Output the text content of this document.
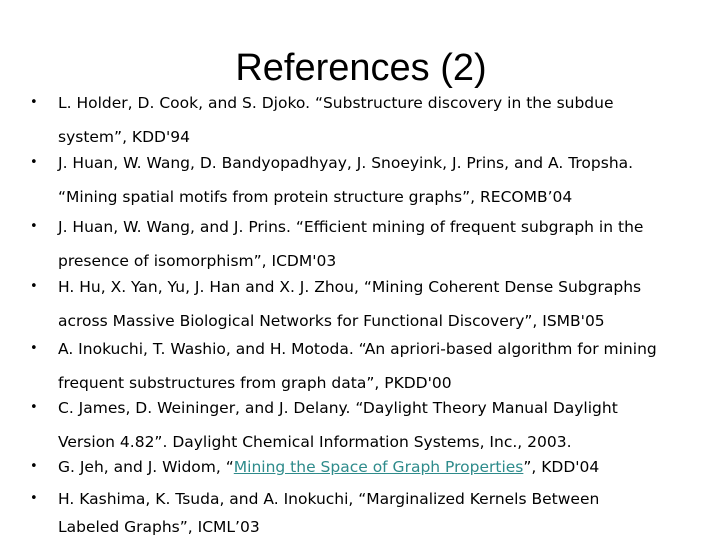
References (2)
• L. Holder, D. Cook, and S. Djoko. “Substructure discovery in the subdue
system”, KDD'94
• J. Huan, W. Wang, D. Bandyopadhyay, J. Snoeyink, J. Prins, and A. Tropsha.
“Mining spatial motifs from protein structure graphs”, RECOMB’04
• J. Huan, W. Wang, and J. Prins. “Efficient mining of frequent subgraph in the
presence of isomorphism”, ICDM'03
• H. Hu, X. Yan, Yu, J. Han and X. J. Zhou, “Mining Coherent Dense Subgraphs
across Massive Biological Networks for Functional Discovery”, ISMB'05
• A. Inokuchi, T. Washio, and H. Motoda. “An apriori-based algorithm for mining
frequent substructures from graph data”, PKDD'00
• C. James, D. Weininger, and J. Delany. “Daylight Theory Manual Daylight
Version 4.82”. Daylight Chemical Information Systems, Inc., 2003.
• G. Jeh, and J. Widom, “Mining the Space of Graph Properties”, KDD'04
• H. Kashima, K. Tsuda, and A. Inokuchi, “Marginalized Kernels Between
Labeled Graphs”, ICML’03
